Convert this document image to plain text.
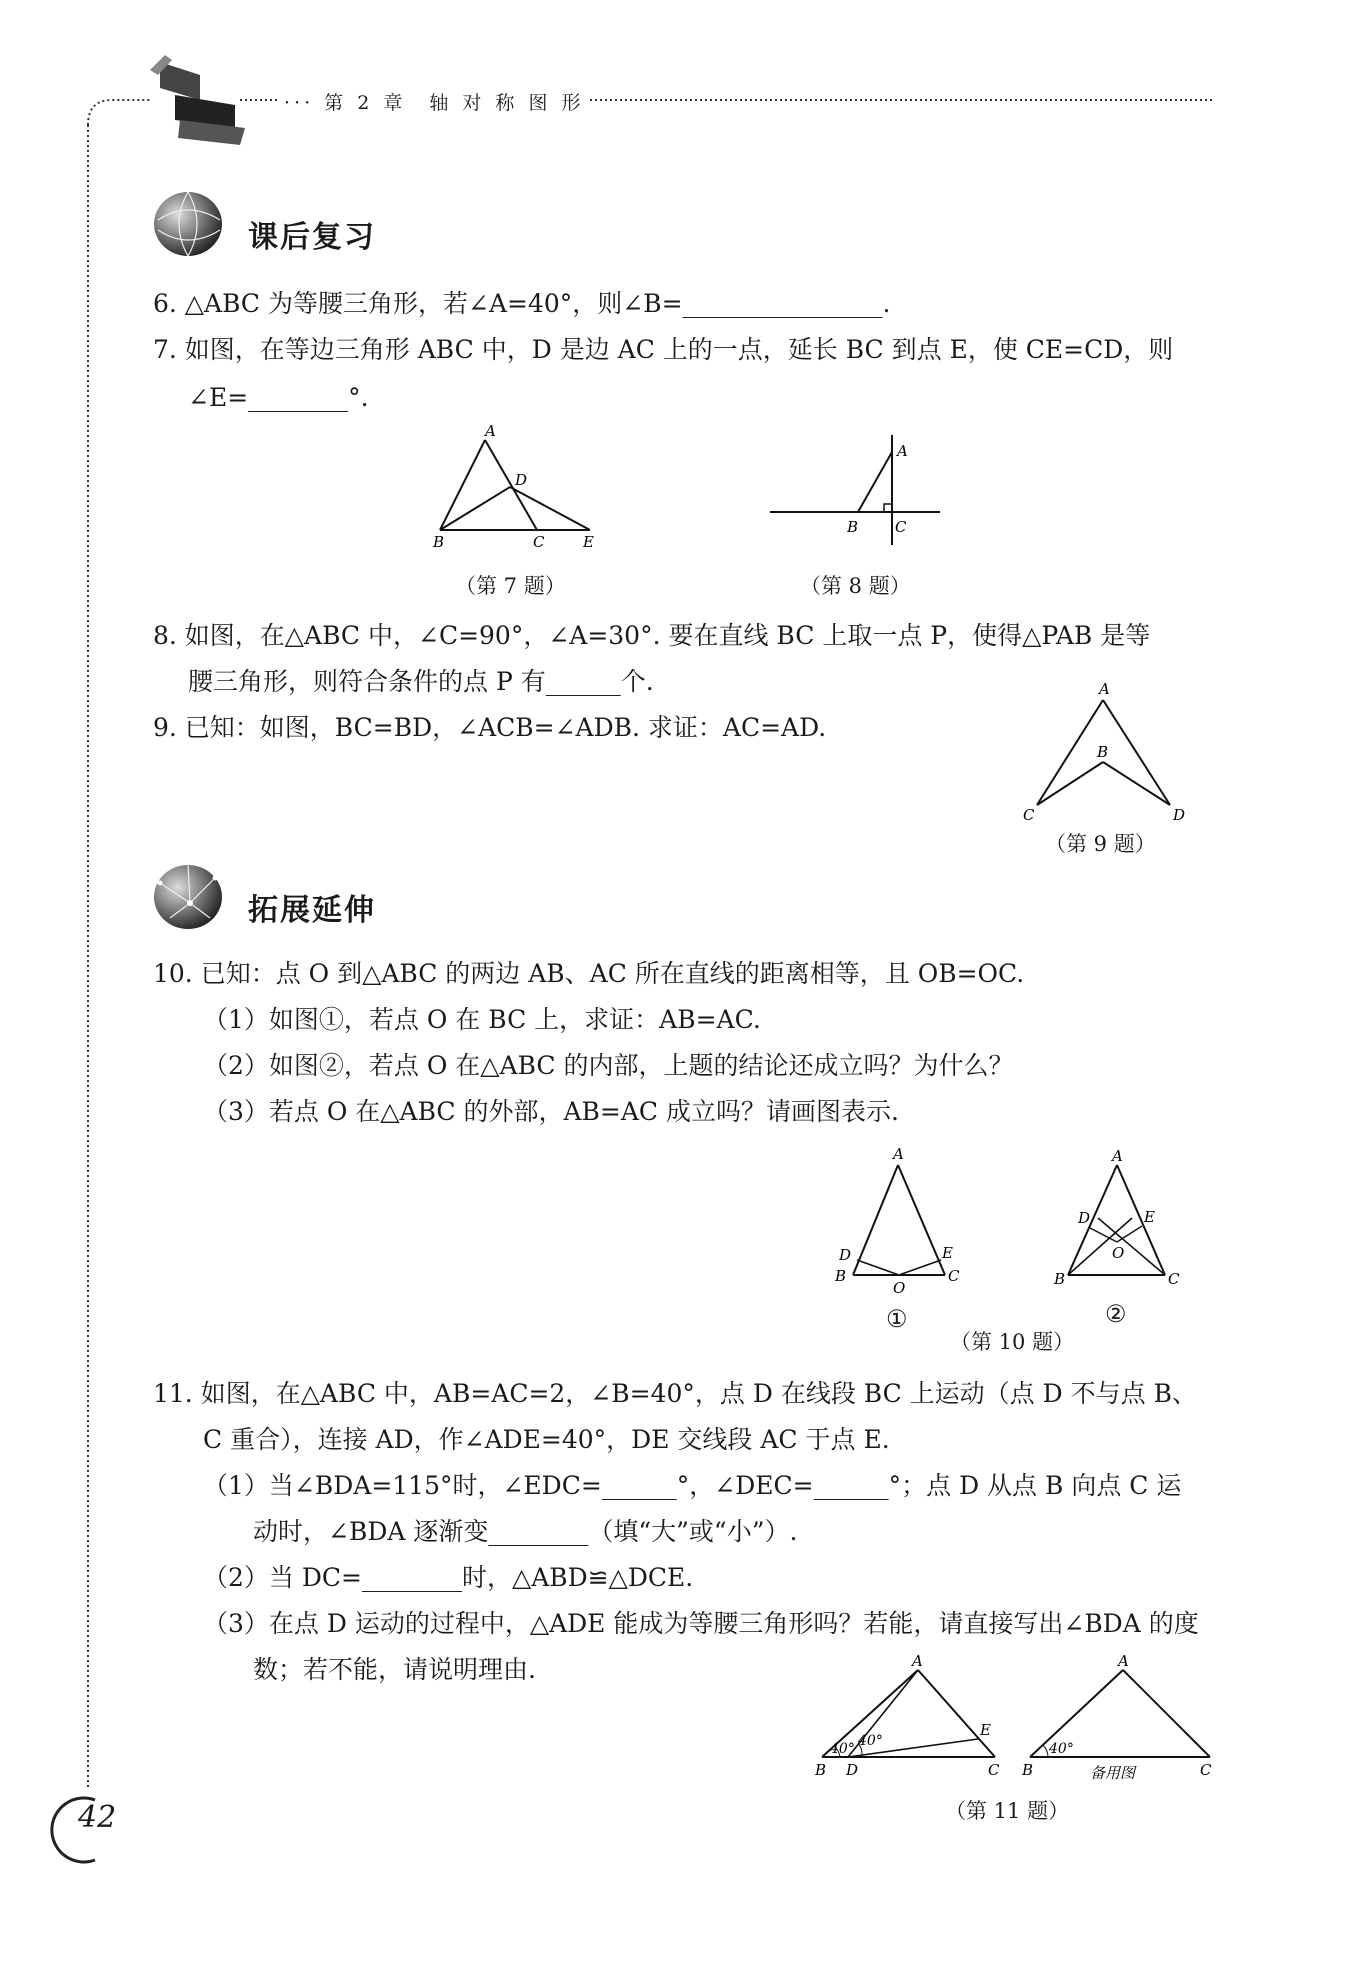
··· 第 2 章　轴 对 称 图 形
课后复习
6. △ABC 为等腰三角形，若∠A=40°，则∠B=________________.
7. 如图，在等边三角形 ABC 中，D 是边 AC 上的一点，延长 BC 到点 E，使 CE=CD，则
∠E=________°.
A
D
B	C	E
（第 7 题）
A
B C
（第 8 题）
8. 如图，在△ABC 中，∠C=90°，∠A=30°. 要在直线 BC 上取一点 P，使得△PAB 是等
腰三角形，则符合条件的点 P 有______个.
9. 已知：如图，BC=BD，∠ACB=∠ADB. 求证：AC=AD.
A
B
C	D
（第 9 题）
拓展延伸
10. 已知：点 O 到△ABC 的两边 AB、AC 所在直线的距离相等，且 OB=OC.
（1）如图①，若点 O 在 BC 上，求证：AB=AC.
（2）如图②，若点 O 在△ABC 的内部，上题的结论还成立吗？为什么？
（3）若点 O 在△ABC 的外部，AB=AC 成立吗？请画图表示.
A
D	E
B	C
O
①
A
D	E
O
B	C
②
（第 10 题）
11. 如图，在△ABC 中，AB=AC=2，∠B=40°，点 D 在线段 BC 上运动（点 D 不与点 B、
C 重合），连接 AD，作∠ADE=40°，DE 交线段 AC 于点 E.
（1）当∠BDA=115°时，∠EDC=______°，∠DEC=______°；点 D 从点 B 向点 C 运
动时，∠BDA 逐渐变________（填“大”或“小”）.
（2）当 DC=________时，△ABD≌△DCE.
（3）在点 D 运动的过程中，△ADE 能成为等腰三角形吗？若能，请直接写出∠BDA 的度
数；若不能，请说明理由.	A
40° 40°
E
B D	C
A
40°
B	C
备用图
（第 11 题）
42
